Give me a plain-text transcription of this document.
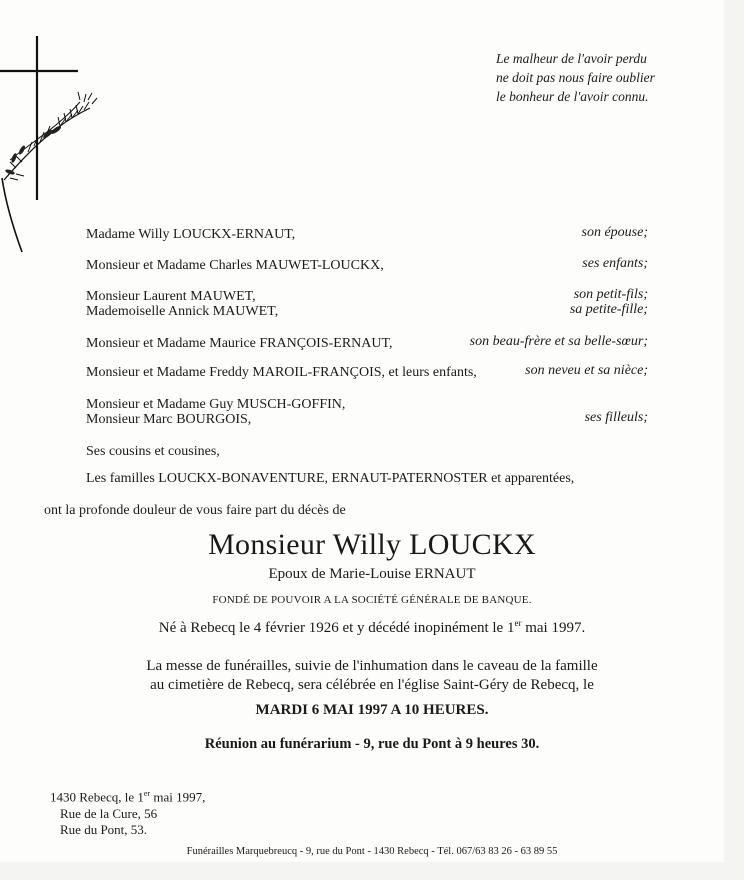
Le malheur de l'avoir perdu
ne doit pas nous faire oublier
le bonheur de l'avoir connu.
Madame Willy LOUCKX-ERNAUT,	son épouse;
Monsieur et Madame Charles MAUWET-LOUCKX,	ses enfants;
Monsieur Laurent MAUWET,	son petit-fils;
Mademoiselle Annick MAUWET,	sa petite-fille;
Monsieur et Madame Maurice FRANÇOIS-ERNAUT,	son beau-frère et sa belle-sœur;
Monsieur et Madame Freddy MAROIL-FRANÇOIS, et leurs enfants,	son neveu et sa nièce;
Monsieur et Madame Guy MUSCH-GOFFIN,
Monsieur Marc BOURGOIS,	ses filleuls;
Ses cousins et cousines,
Les familles LOUCKX-BONAVENTURE, ERNAUT-PATERNOSTER et apparentées,
ont la profonde douleur de vous faire part du décès de
Monsieur Willy LOUCKX
Epoux de Marie-Louise ERNAUT
FONDÉ DE POUVOIR A LA SOCIÉTÉ GÉNÉRALE DE BANQUE.
Né à Rebecq le 4 février 1926 et y décédé inopinément le 1er mai 1997.
La messe de funérailles, suivie de l'inhumation dans le caveau de la famille
au cimetière de Rebecq, sera célébrée en l'église Saint-Géry de Rebecq, le
MARDI 6 MAI 1997 A 10 HEURES.
Réunion au funérarium - 9, rue du Pont à 9 heures 30.
1430 Rebecq, le 1er mai 1997,
Rue de la Cure, 56
Rue du Pont, 53.
Funérailles Marquebreucq - 9, rue du Pont - 1430 Rebecq - Tél. 067/63 83 26 - 63 89 55
